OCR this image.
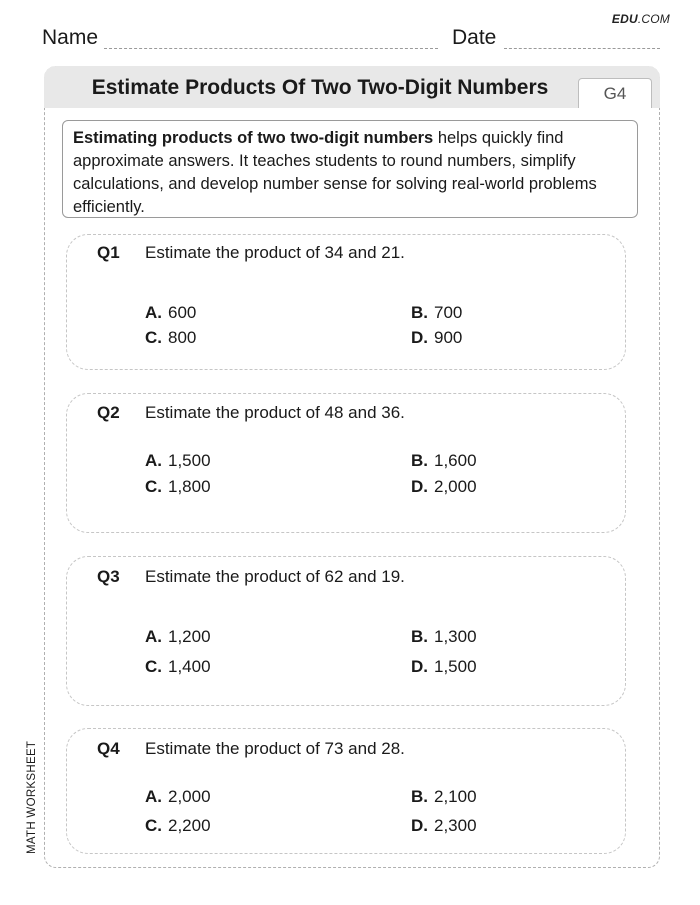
EDU.COM
Name	Date
Estimate Products Of Two Two-Digit Numbers	G4
Estimating products of two two-digit numbers helps quickly find approximate answers. It teaches students to round numbers, simplify calculations, and develop number sense for solving real-world problems efficiently.
MATH WORKSHEET
Q1 Estimate the product of 34 and 21.
A. 600	B. 700
C. 800	D. 900
Q2 Estimate the product of 48 and 36.
A. 1,500	B. 1,600
C. 1,800	D. 2,000
Q3 Estimate the product of 62 and 19.
A. 1,200	B. 1,300
C. 1,400	D. 1,500
Q4 Estimate the product of 73 and 28.
A. 2,000	B. 2,100
C. 2,200	D. 2,300
